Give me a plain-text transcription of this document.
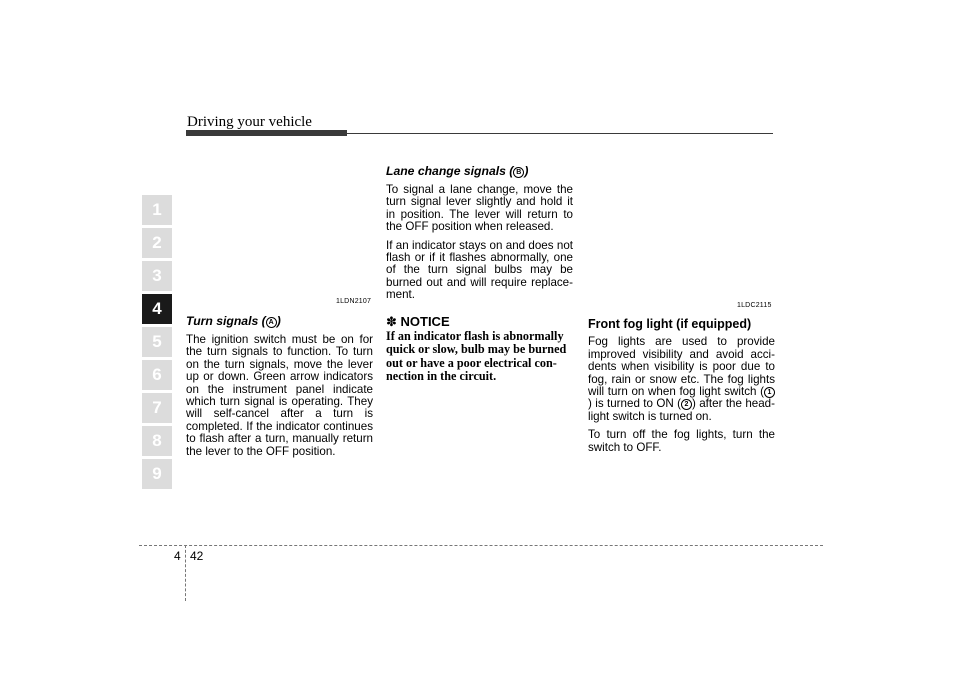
Driving your vehicle
1
2
3
4
5
6
7
8
9
1LDN2107
Turn signals ( A )

The ignition switch must be on for the turn signals to function. To turn on the turn signals, move the lever up or down. Green arrow indicators on the instrument panel indicate which turn signal is operating. They will self-cancel after a turn is completed. If the indicator continues to flash after a turn, manually return the lever to the OFF position.

Lane change signals ( B )

To signal a lane change, move the turn signal lever slightly and hold it in position. The lever will return to the OFF position when released.

If an indicator stays on and does not flash or if it flashes abnormally, one of the turn signal bulbs may be burned out and will require replace-ment.

✽ NOTICE
If an indicator flash is abnormally quick or slow, bulb may be burned out or have a poor electrical con-nection in the circuit.
1LDC2115
Front fog light (if equipped)

Fog lights are used to provide improved visibility and avoid acci-dents when visibility is poor due to fog, rain or snow etc. The fog lights will turn on when fog light switch ( 1) is turned to ON ( 2 ) after the head-light switch is turned on.

To turn off the fog lights, turn the switch to OFF.

4 42
